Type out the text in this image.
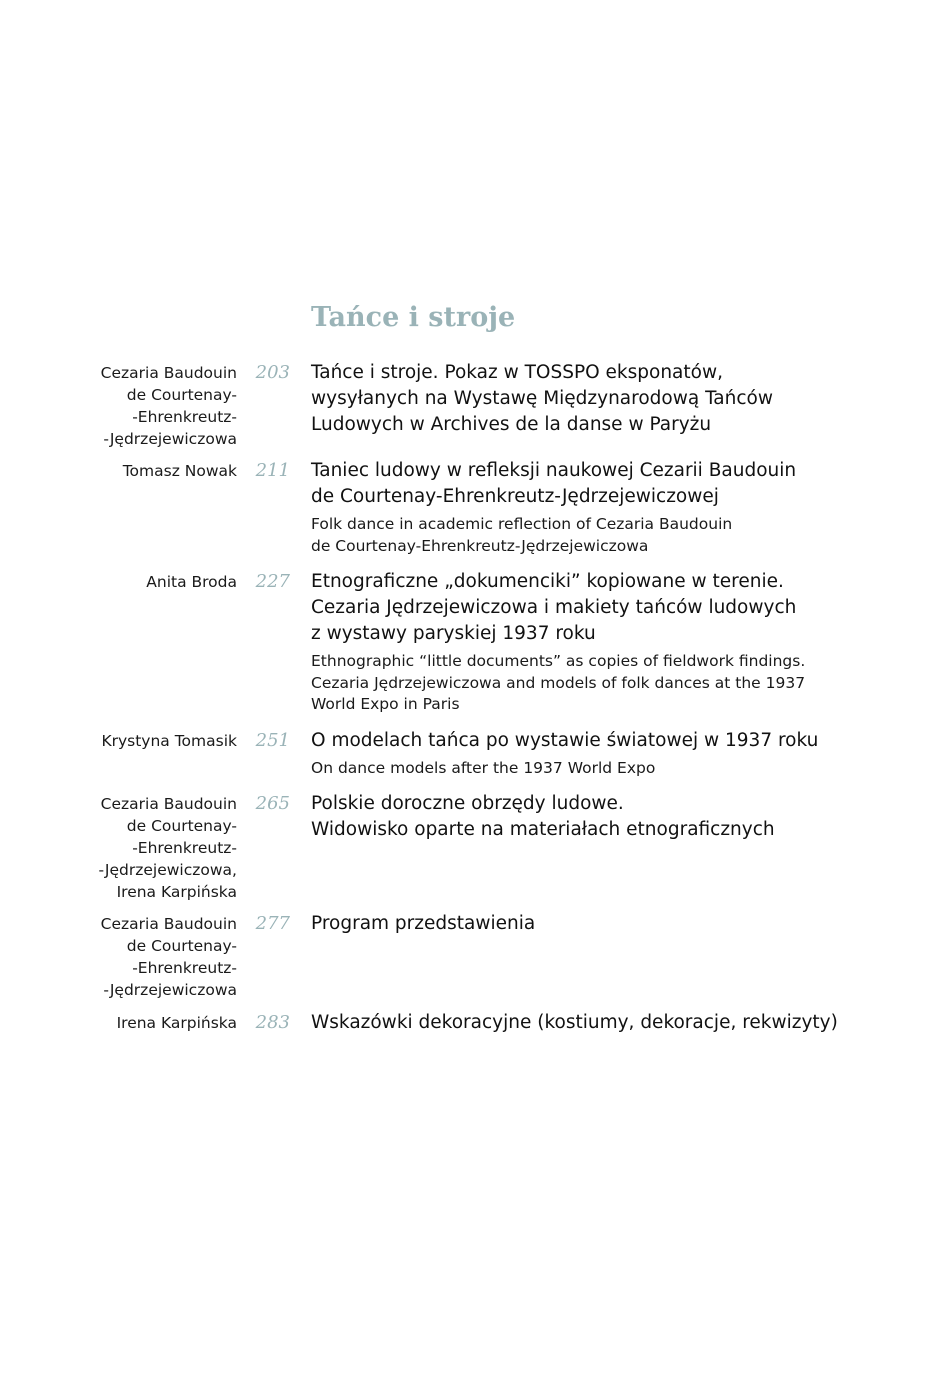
Tańce i stroje
Cezaria Baudouin
de Courtenay-
-Ehrenkreutz-
-Jędrzejewiczowa
203 Tańce i stroje. Pokaz w TOSSPO eksponatów,
wysyłanych na Wystawę Międzynarodową Tańców
Ludowych w Archives de la danse w Paryżu
Tomasz Nowak	211 Taniec ludowy w refleksji naukowej Cezarii Baudouin
de Courtenay-Ehrenkreutz-Jędrzejewiczowej
Folk dance in academic reflection of Cezaria Baudouin
de Courtenay-Ehrenkreutz-Jędrzejewiczowa
Anita Broda	227 Etnograficzne „dokumenciki” kopiowane w terenie.
Cezaria Jędrzejewiczowa i makiety tańców ludowych
z wystawy paryskiej 1937 roku
Ethnographic “little documents” as copies of fieldwork findings.
Cezaria Jędrzejewiczowa and models of folk dances at the 1937
World Expo in Paris
Krystyna Tomasik	251 O modelach tańca po wystawie światowej w 1937 roku
On dance models after the 1937 World Expo
Cezaria Baudouin
de Courtenay-
-Ehrenkreutz-
-Jędrzejewiczowa,
Irena Karpińska
265 Polskie doroczne obrzędy ludowe.
Widowisko oparte na materiałach etnograficznych
Cezaria Baudouin
de Courtenay-
-Ehrenkreutz-
-Jędrzejewiczowa
277 Program przedstawienia
Irena Karpińska	283 Wskazówki dekoracyjne (kostiumy, dekoracje, rekwizyty)
